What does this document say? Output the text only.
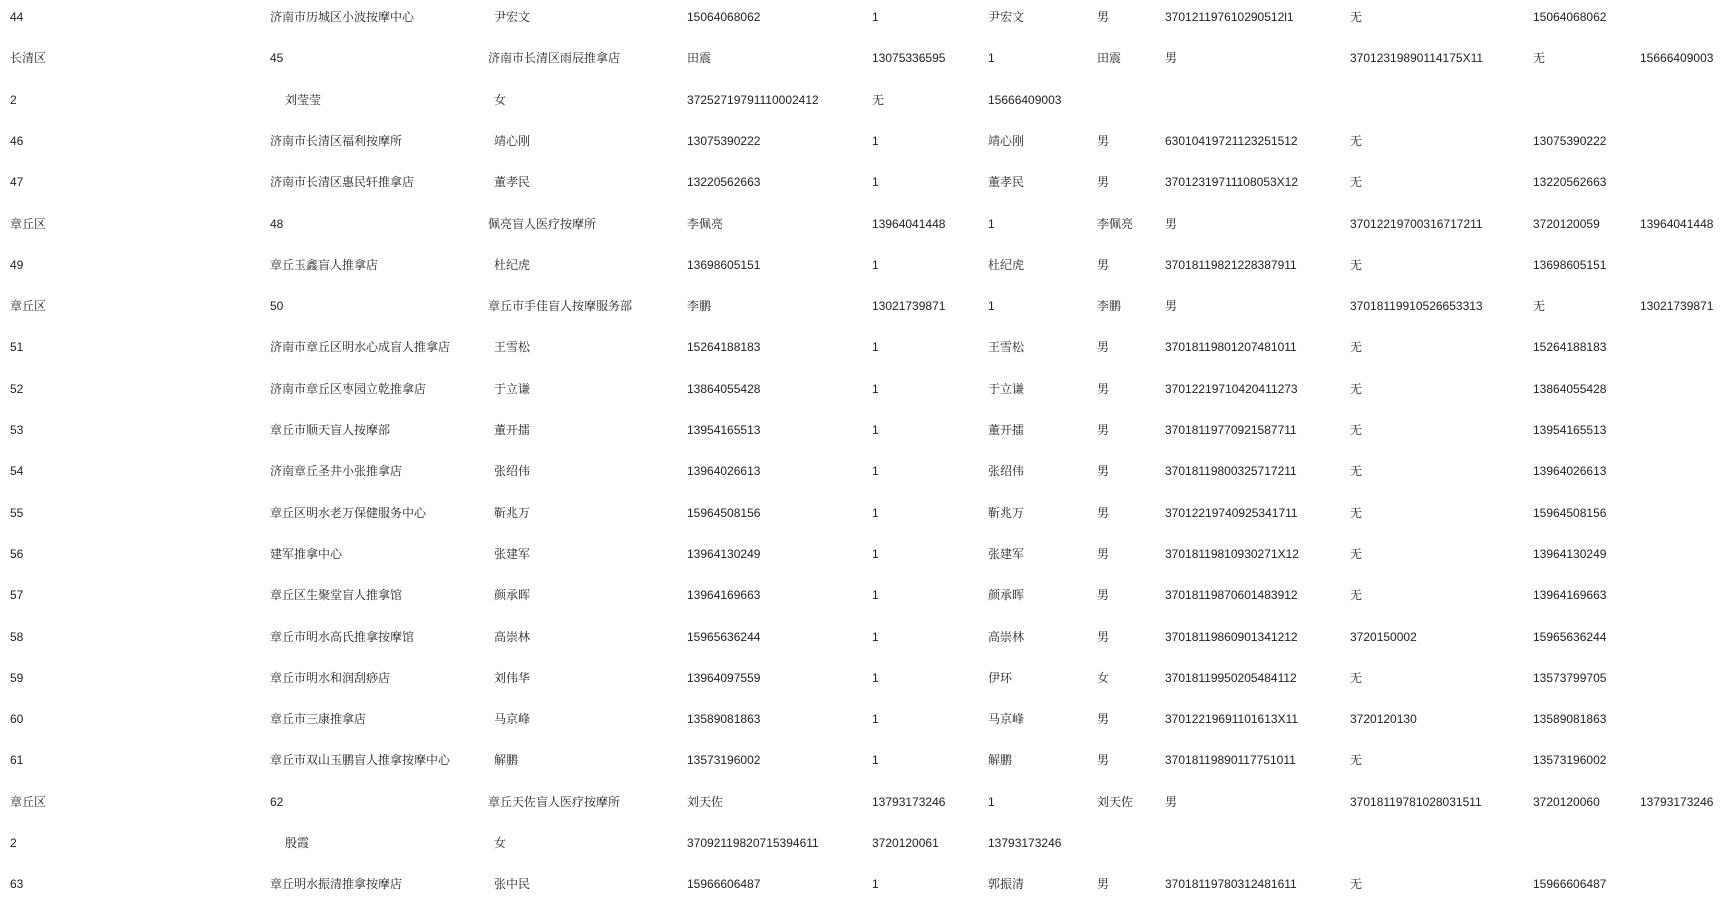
44	济南市历城区小波按摩中心	尹宏文	15064068062	1	尹宏文	男	370121197610290512l1	无	15064068062
长清区	45	济南市长清区雨辰推拿店	田震	13075336595	1	田震	男	37012319890114175X11	无	15666409003
2	刘莹莹	女	37252719791110002412	无	15666409003
46	济南市长清区福利按摩所	靖心刚	13075390222	1	靖心刚	男	63010419721123251512	无	13075390222
47	济南市长清区惠民轩推拿店	董孝民	13220562663	1	董孝民	男	37012319711108053X12	无	13220562663
章丘区	48	佩亮盲人医疗按摩所	李佩亮	13964041448	1	李佩亮	男	37012219700316717211	3720120059	13964041448
49	章丘玉鑫盲人推拿店	杜纪虎	13698605151	1	杜纪虎	男	37018119821228387911	无	13698605151
章丘区	50	章丘市手佳盲人按摩服务部	李鹏	13021739871	1	李鹏	男	37018119910526653313	无	13021739871
51	济南市章丘区明水心成盲人推拿店	王雪松	15264188183	1	王雪松	男	37018119801207481011	无	15264188183
52	济南市章丘区枣园立乾推拿店	于立谦	13864055428	1	于立谦	男	37012219710420411273	无	13864055428
53	章丘市顺天盲人按摩部	董开擂	13954165513	1	董开擂	男	37018119770921587711	无	13954165513
54	济南章丘圣井小张推拿店	张绍伟	13964026613	1	张绍伟	男	37018119800325717211	无	13964026613
55	章丘区明水老万保健服务中心	靳兆万	15964508156	1	靳兆万	男	37012219740925341711	无	15964508156
56	建军推拿中心	张建军	13964130249	1	张建军	男	37018119810930271X12	无	13964130249
57	章丘区生聚堂盲人推拿馆	颜承晖	13964169663	1	颜承晖	男	37018119870601483912	无	13964169663
58	章丘市明水高氏推拿按摩馆	高崇林	15965636244	1	高崇林	男	37018119860901341212	3720150002	15965636244
59	章丘市明水和润刮痧店	刘伟华	13964097559	1	伊环	女	37018119950205484112	无	13573799705
60	章丘市三康推拿店	马京峰	13589081863	1	马京峰	男	37012219691101613X11	3720120130	13589081863
61	章丘市双山玉鹏盲人推拿按摩中心	解鹏	13573196002	1	解鹏	男	37018119890117751011	无	13573196002
章丘区	62	章丘天佐盲人医疗按摩所	刘天佐	13793173246	1	刘天佐	男	37018119781028031511	3720120060	13793173246
2	殷霞	女	37092119820715394611	3720120061	13793173246
63	章丘明水振清推拿按摩店	张中民	15966606487	1	郭振清	男	37018119780312481611	无	15966606487
